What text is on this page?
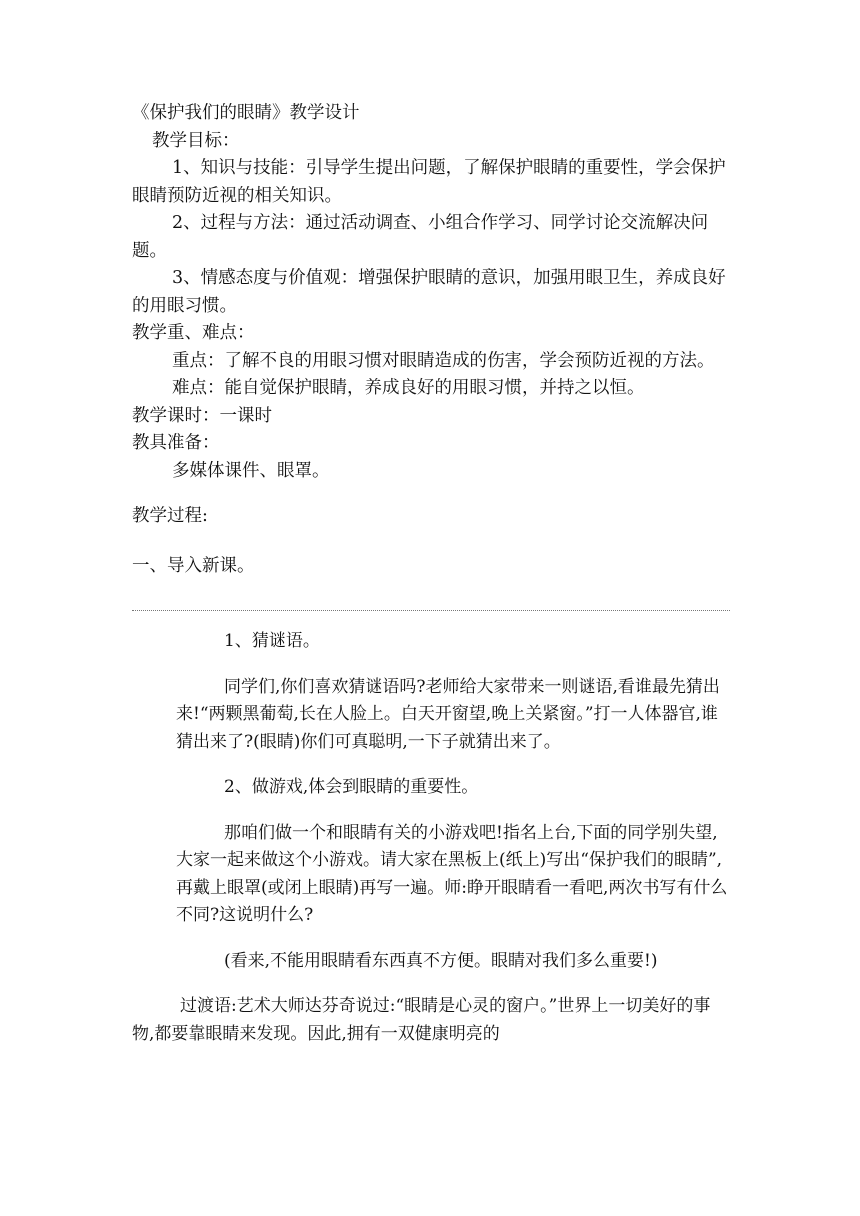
《保护我们的眼睛》教学设计

教学目标：

1、知识与技能：引导学生提出问题，了解保护眼睛的重要性，学会保护眼睛预防近视的相关知识。

2、过程与方法：通过活动调查、小组合作学习、同学讨论交流解决问题。

3、情感态度与价值观：增强保护眼睛的意识，加强用眼卫生，养成良好的用眼习惯。

教学重、难点：

重点：了解不良的用眼习惯对眼睛造成的伤害，学会预防近视的方法。

难点：能自觉保护眼睛，养成良好的用眼习惯，并持之以恒。

教学课时：一课时

教具准备：

多媒体课件、眼罩。

教学过程:

一、导入新课。

1、猜谜语。

同学们,你们喜欢猜谜语吗?老师给大家带来一则谜语,看谁最先猜出来!“两颗黑葡萄,长在人脸上。白天开窗望,晚上关紧窗。”打一人体器官,谁猜出来了?(眼睛)你们可真聪明,一下子就猜出来了。

2、做游戏,体会到眼睛的重要性。

那咱们做一个和眼睛有关的小游戏吧!指名上台,下面的同学别失望,大家一起来做这个小游戏。请大家在黑板上(纸上)写出“保护我们的眼睛”,再戴上眼罩(或闭上眼睛)再写一遍。师:睁开眼睛看一看吧,两次书写有什么不同?这说明什么?

(看来,不能用眼睛看东西真不方便。眼睛对我们多么重要!)

过渡语:艺术大师达芬奇说过:“眼睛是心灵的窗户。”世界上一切美好的事物,都要靠眼睛来发现。因此,拥有一双健康明亮的
